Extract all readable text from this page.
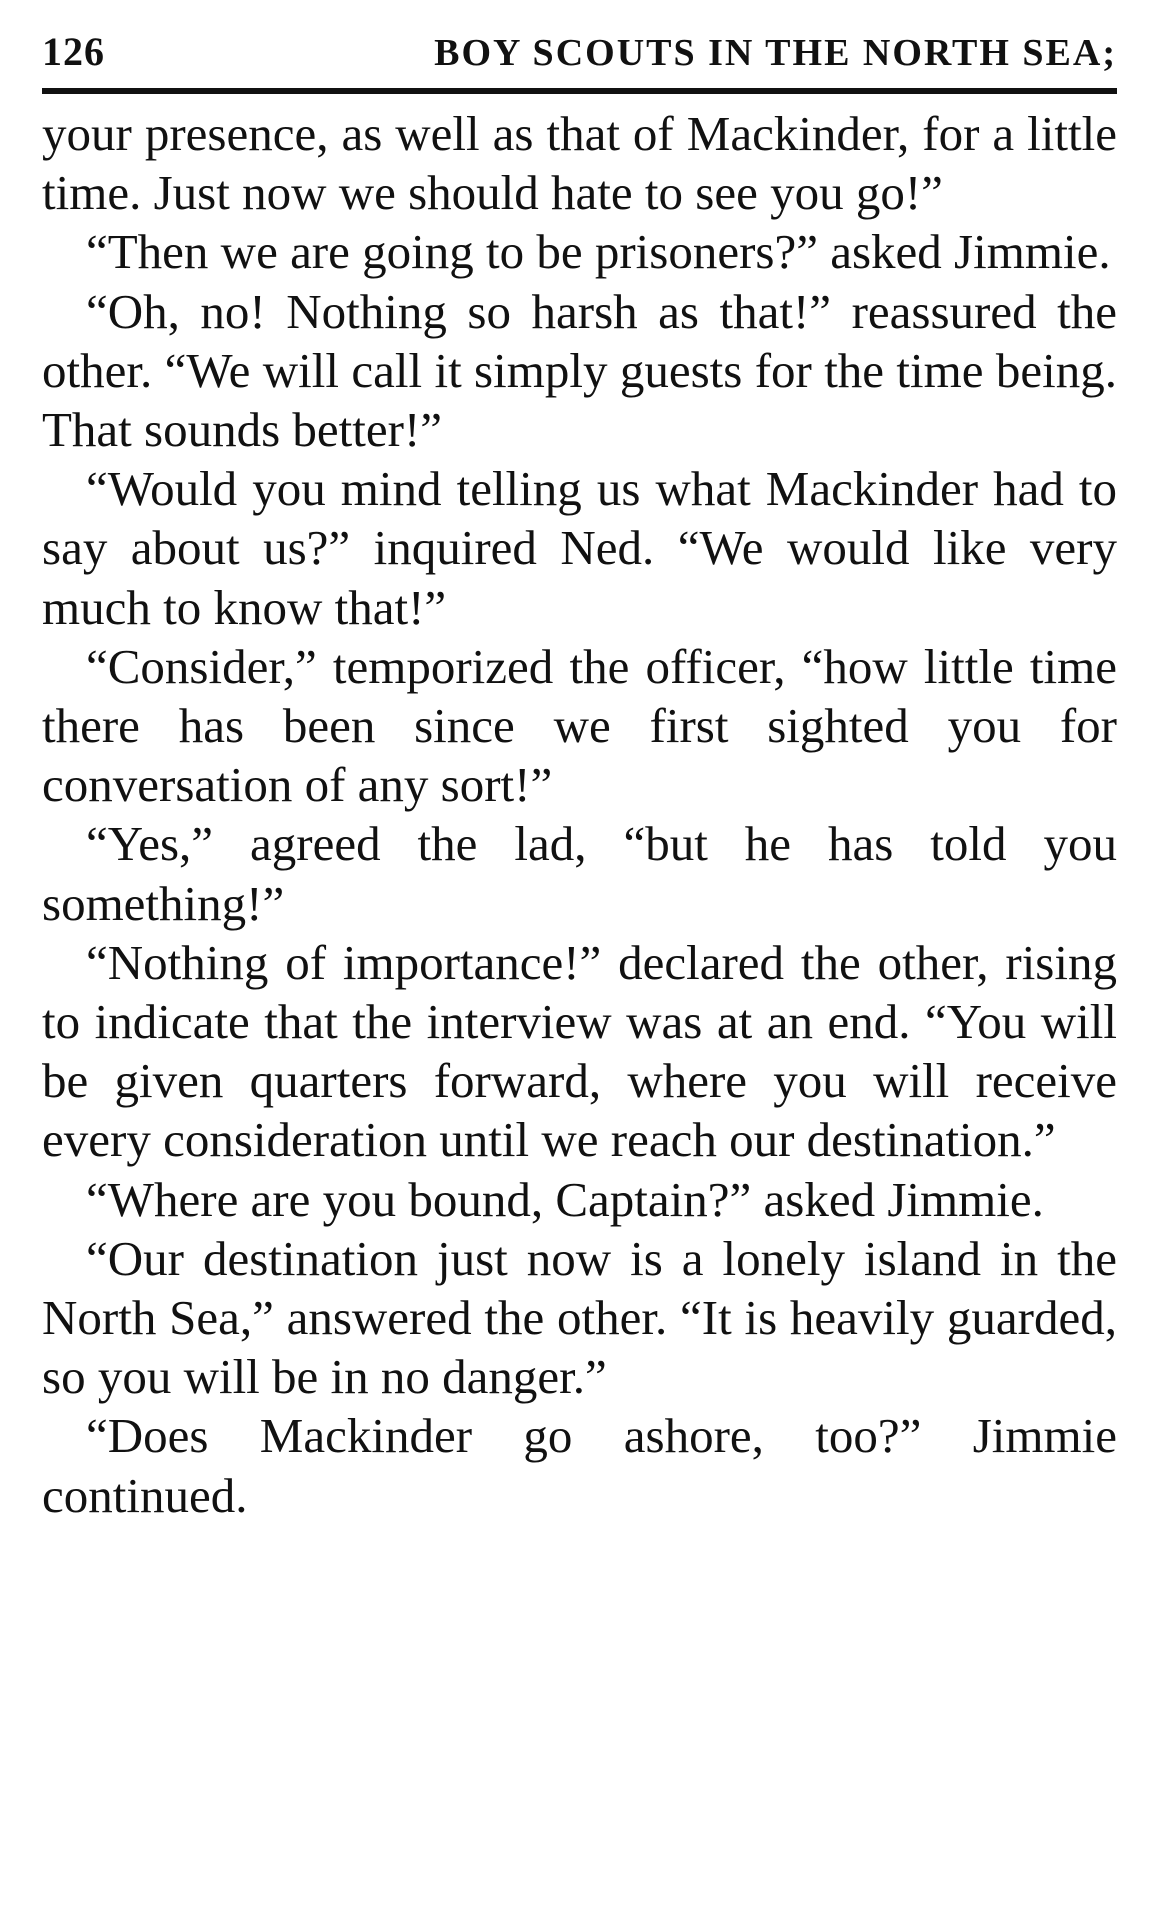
126	BOY SCOUTS IN THE NORTH SEA;

your presence, as well as that of Mackinder, for a little time. Just now we should hate to see you go!”

“Then we are going to be prisoners?” asked Jimmie.

“Oh, no! Nothing so harsh as that!” reassured the other. “We will call it simply guests for the time being. That sounds better!”

“Would you mind telling us what Mackinder had to say about us?” inquired Ned. “We would like very much to know that!”

“Consider,” temporized the officer, “how little time there has been since we first sighted you for conversation of any sort!”

“Yes,” agreed the lad, “but he has told you something!”

“Nothing of importance!” declared the other, rising to indicate that the interview was at an end. “You will be given quarters forward, where you will receive every consideration until we reach our destination.”

“Where are you bound, Captain?” asked Jimmie.

“Our destination just now is a lonely island in the North Sea,” answered the other. “It is heavily guarded, so you will be in no danger.”

“Does Mackinder go ashore, too?” Jimmie continued.
